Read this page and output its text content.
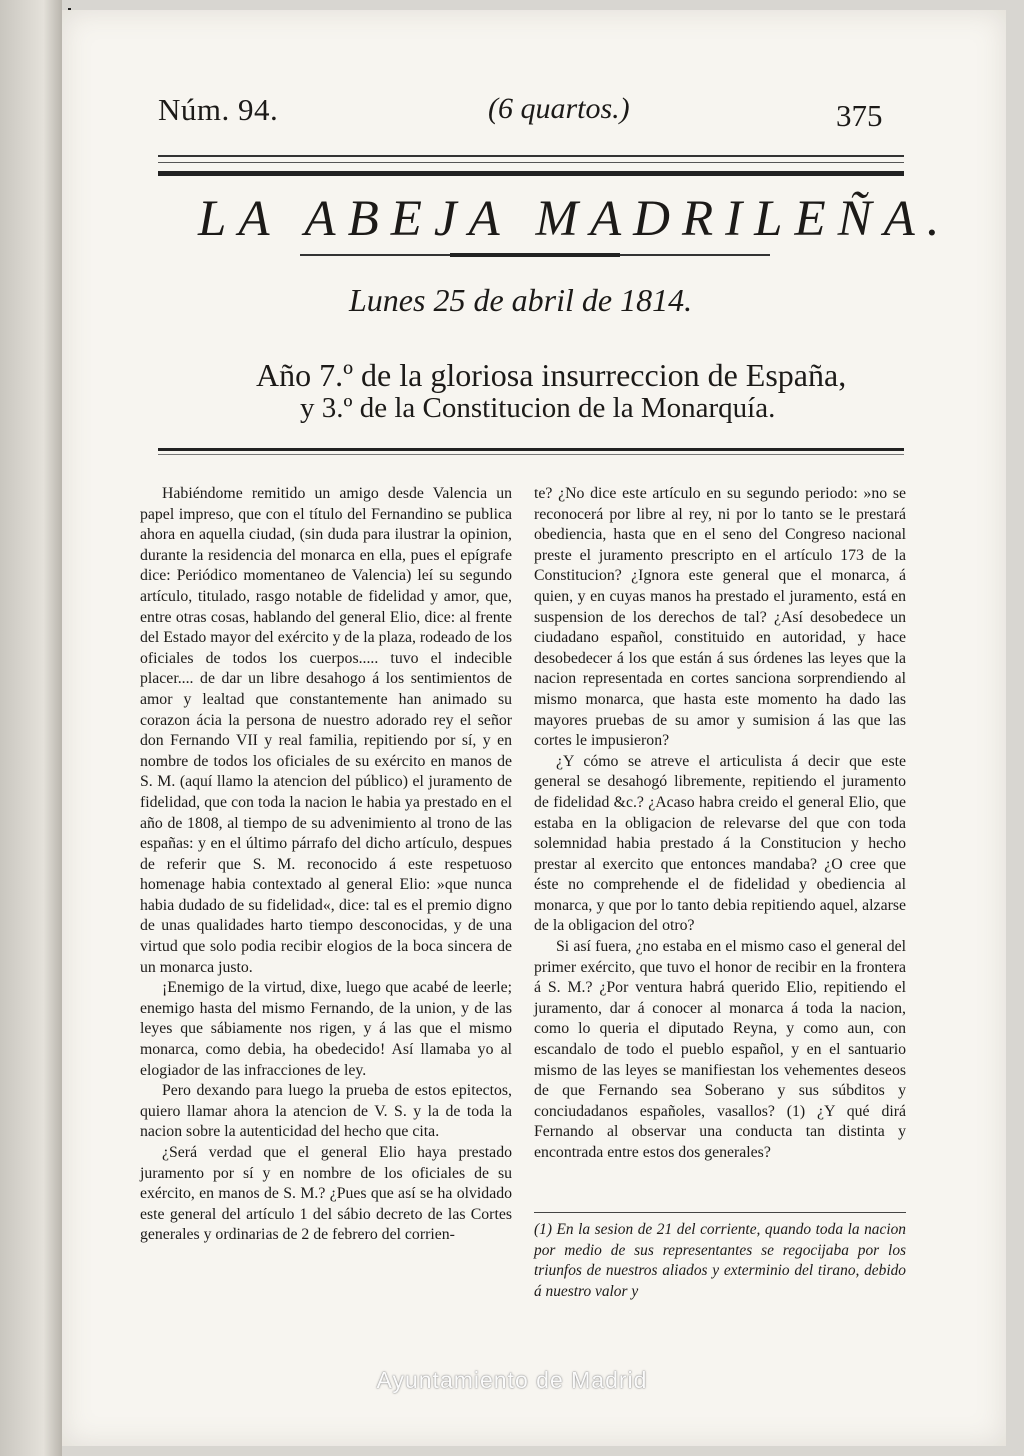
Núm. 94.	(6 quartos.)	375
LA ABEJA MADRILEÑA.
Lunes 25 de abril de 1814.
Año 7.º de la gloriosa insurreccion de España,
y 3.º de la Constitucion de la Monarquía.

Habiéndome remitido un amigo desde Valencia un papel impreso, que con el título del Fernandino se publica ahora en aquella ciudad, (sin duda para ilustrar la opinion, durante la residencia del monarca en ella, pues el epígrafe dice: Periódico momentaneo de Valencia) leí su segundo artículo, titulado, rasgo notable de fidelidad y amor, que, entre otras cosas, hablando del general Elio, dice: al frente del Estado mayor del exército y de la plaza, rodeado de los oficiales de todos los cuerpos..... tuvo el indecible placer.... de dar un libre desahogo á los sentimientos de amor y lealtad que constantemente han animado su corazon ácia la persona de nuestro adorado rey el señor don Fernando VII y real familia, repitiendo por sí, y en nombre de todos los oficiales de su exército en manos de S. M. (aquí llamo la atencion del público) el juramento de fidelidad, que con toda la nacion le habia ya prestado en el año de 1808, al tiempo de su advenimiento al trono de las españas: y en el último párrafo del dicho artículo, despues de referir que S. M. reconocido á este respetuoso homenage habia contextado al general Elio: »que nunca habia dudado de su fidelidad«, dice: tal es el premio digno de unas qualidades harto tiempo desconocidas, y de una virtud que solo podia recibir elogios de la boca sincera de un monarca justo.

¡Enemigo de la virtud, dixe, luego que acabé de leerle; enemigo hasta del mismo Fernando, de la union, y de las leyes que sábiamente nos rigen, y á las que el mismo monarca, como debia, ha obedecido! Así llamaba yo al elogiador de las infracciones de ley.

Pero dexando para luego la prueba de estos epitectos, quiero llamar ahora la atencion de V. S. y la de toda la nacion sobre la autenticidad del hecho que cita.

¿Será verdad que el general Elio haya prestado juramento por sí y en nombre de los oficiales de su exército, en manos de S. M.? ¿Pues que así se ha olvidado este general del artículo 1 del sábio decreto de las Cortes generales y ordinarias de 2 de febrero del corrien-

te? ¿No dice este artículo en su segundo periodo: »no se reconocerá por libre al rey, ni por lo tanto se le prestará obediencia, hasta que en el seno del Congreso nacional preste el juramento prescripto en el artículo 173 de la Constitucion? ¿Ignora este general que el monarca, á quien, y en cuyas manos ha prestado el juramento, está en suspension de los derechos de tal? ¿Así desobedece un ciudadano español, constituido en autoridad, y hace desobedecer á los que están á sus órdenes las leyes que la nacion representada en cortes sanciona sorprendiendo al mismo monarca, que hasta este momento ha dado las mayores pruebas de su amor y sumision á las que las cortes le impusieron?

¿Y cómo se atreve el articulista á decir que este general se desahogó libremente, repitiendo el juramento de fidelidad &c.? ¿Acaso habra creido el general Elio, que estaba en la obligacion de relevarse del que con toda solemnidad habia prestado á la Constitucion y hecho prestar al exercito que entonces mandaba? ¿O cree que éste no comprehende el de fidelidad y obediencia al monarca, y que por lo tanto debia repitiendo aquel, alzarse de la obligacion del otro?

Si así fuera, ¿no estaba en el mismo caso el general del primer exército, que tuvo el honor de recibir en la frontera á S. M.? ¿Por ventura habrá querido Elio, repitiendo el juramento, dar á conocer al monarca á toda la nacion, como lo queria el diputado Reyna, y como aun, con escandalo de todo el pueblo español, y en el santuario mismo de las leyes se manifiestan los vehementes deseos de que Fernando sea Soberano y sus súbditos y conciudadanos españoles, vasallos? (1) ¿Y qué dirá Fernando al observar una conducta tan distinta y encontrada entre estos dos generales?

(1) En la sesion de 21 del corriente, quando toda la nacion por medio de sus representantes se regocijaba por los triunfos de nuestros aliados y exterminio del tirano, debido á nuestro valor y
Ayuntamiento de Madrid
